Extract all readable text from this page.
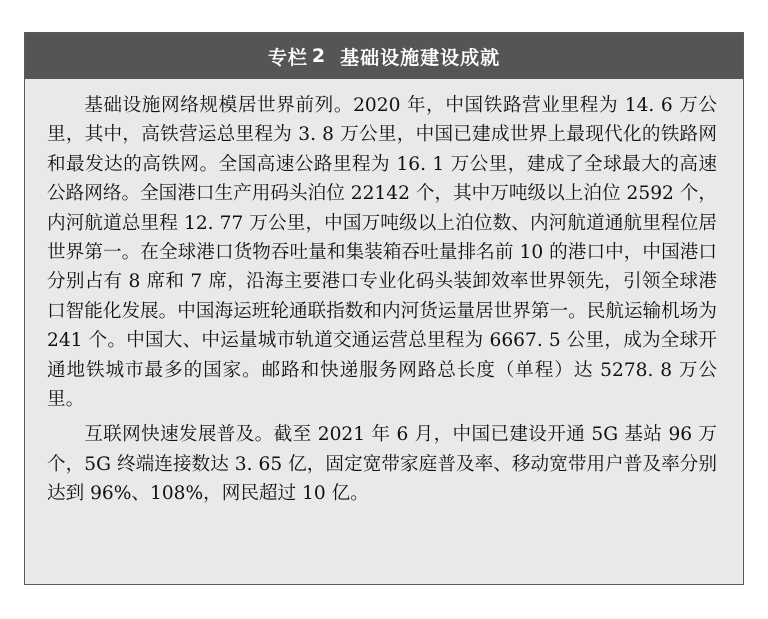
专栏 2 基础设施建设成就

基础设施网络规模居世界前列。2020 年，中国铁路营业里程为 14. 6 万公里，其中，高铁营运总里程为 3. 8 万公里，中国已建成世界上最现代化的铁路网和最发达的高铁网。全国高速公路里程为 16. 1 万公里，建成了全球最大的高速公路网络。全国港口生产用码头泊位 22142 个，其中万吨级以上泊位 2592 个，内河航道总里程 12. 77 万公里，中国万吨级以上泊位数、内河航道通航里程位居世界第一。在全球港口货物吞吐量和集装箱吞吐量排名前 10 的港口中，中国港口分别占有 8 席和 7 席，沿海主要港口专业化码头装卸效率世界领先，引领全球港口智能化发展。中国海运班轮通联指数和内河货运量居世界第一。民航运输机场为 241 个。中国大、中运量城市轨道交通运营总里程为 6667. 5 公里，成为全球开通地铁城市最多的国家。邮路和快递服务网路总长度（单程）达 5278. 8 万公里。

互联网快速发展普及。截至 2021 年 6 月，中国已建设开通 5G 基站 96 万个，5G 终端连接数达 3. 65 亿，固定宽带家庭普及率、移动宽带用户普及率分别达到 96%、108%，网民超过 10 亿。
